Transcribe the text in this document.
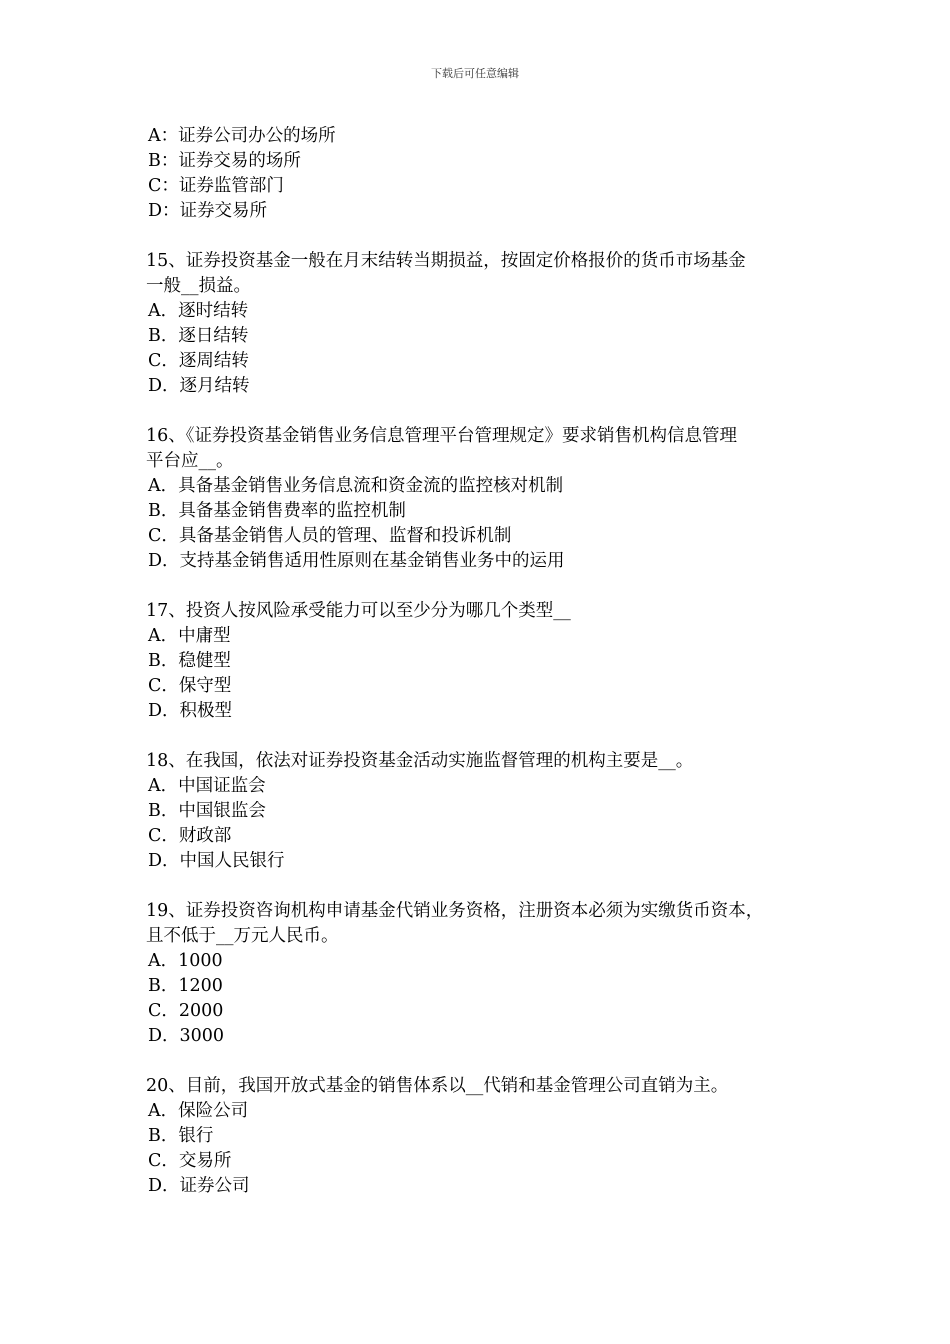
下载后可任意编辑
A：证券公司办公的场所
B：证券交易的场所
C：证券监管部门
D：证券交易所
15、证券投资基金一般在月末结转当期损益，按固定价格报价的货币市场基金
一般__损益。
A．逐时结转
B．逐日结转
C．逐周结转
D．逐月结转
16、《证券投资基金销售业务信息管理平台管理规定》要求销售机构信息管理
平台应__。
A．具备基金销售业务信息流和资金流的监控核对机制
B．具备基金销售费率的监控机制
C．具备基金销售人员的管理、监督和投诉机制
D．支持基金销售适用性原则在基金销售业务中的运用
17、投资人按风险承受能力可以至少分为哪几个类型__
A．中庸型
B．稳健型
C．保守型
D．积极型
18、在我国，依法对证券投资基金活动实施监督管理的机构主要是__。
A．中国证监会
B．中国银监会
C．财政部
D．中国人民银行
19、证券投资咨询机构申请基金代销业务资格，注册资本必须为实缴货币资本，
且不低于__万元人民币。
A．1000
B．1200
C．2000
D．3000
20、目前，我国开放式基金的销售体系以__代销和基金管理公司直销为主。
A．保险公司
B．银行
C．交易所
D．证券公司
